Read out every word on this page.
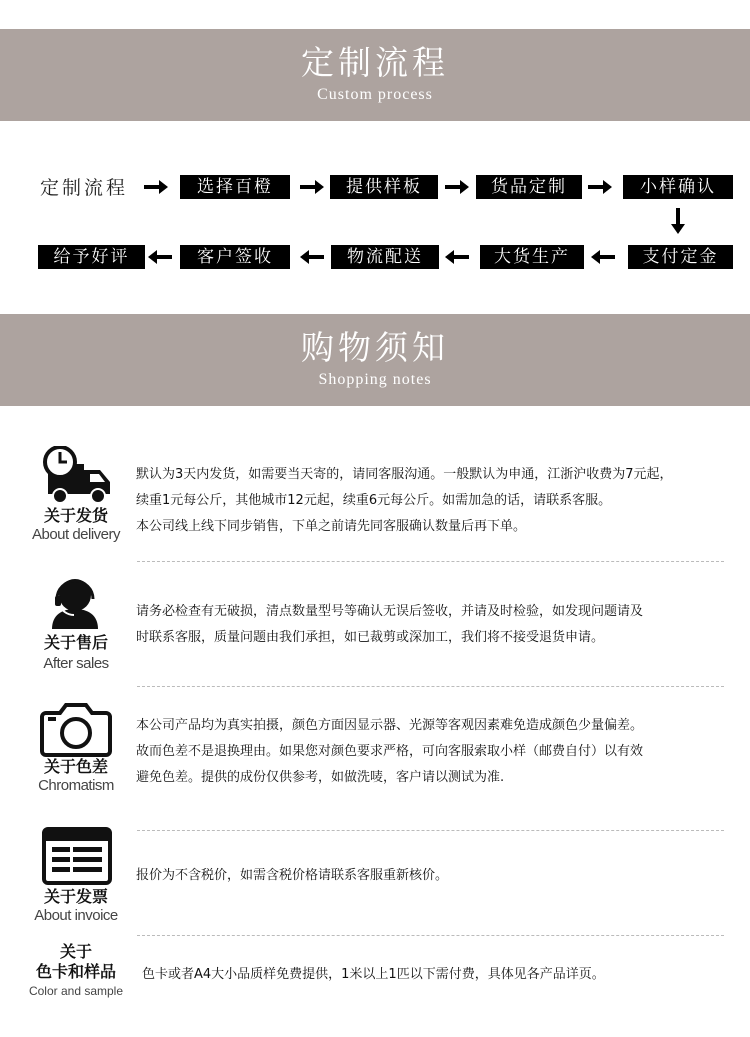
定制流程
Custom process
定制流程	选择百橙	提供样板	货品定制	小样确认
支付定金
大货生产
物流配送
客户签收
给予好评
购物须知
Shopping notes
关于发货
About delivery
默认为3天内发货，如需要当天寄的，请同客服沟通。一般默认为申通，江浙沪收费为7元起，
续重1元每公斤，其他城市12元起，续重6元每公斤。如需加急的话，请联系客服。
本公司线上线下同步销售，下单之前请先同客服确认数量后再下单。
关于售后
After sales
请务必检查有无破损，清点数量型号等确认无误后签收，并请及时检验，如发现问题请及
时联系客服，质量问题由我们承担，如已裁剪或深加工，我们将不接受退货申请。
关于色差
Chromatism
本公司产品均为真实拍摄，颜色方面因显示器、光源等客观因素难免造成颜色少量偏差。
故而色差不是退换理由。如果您对颜色要求严格，可向客服索取小样（邮费自付）以有效
避免色差。提供的成份仅供参考，如做洗唛，客户请以测试为准.
关于发票
About invoice
报价为不含税价，如需含税价格请联系客服重新核价。
关于
色卡和样品
Color and sample
色卡或者A4大小品质样免费提供，1米以上1匹以下需付费，具体见各产品详页。
